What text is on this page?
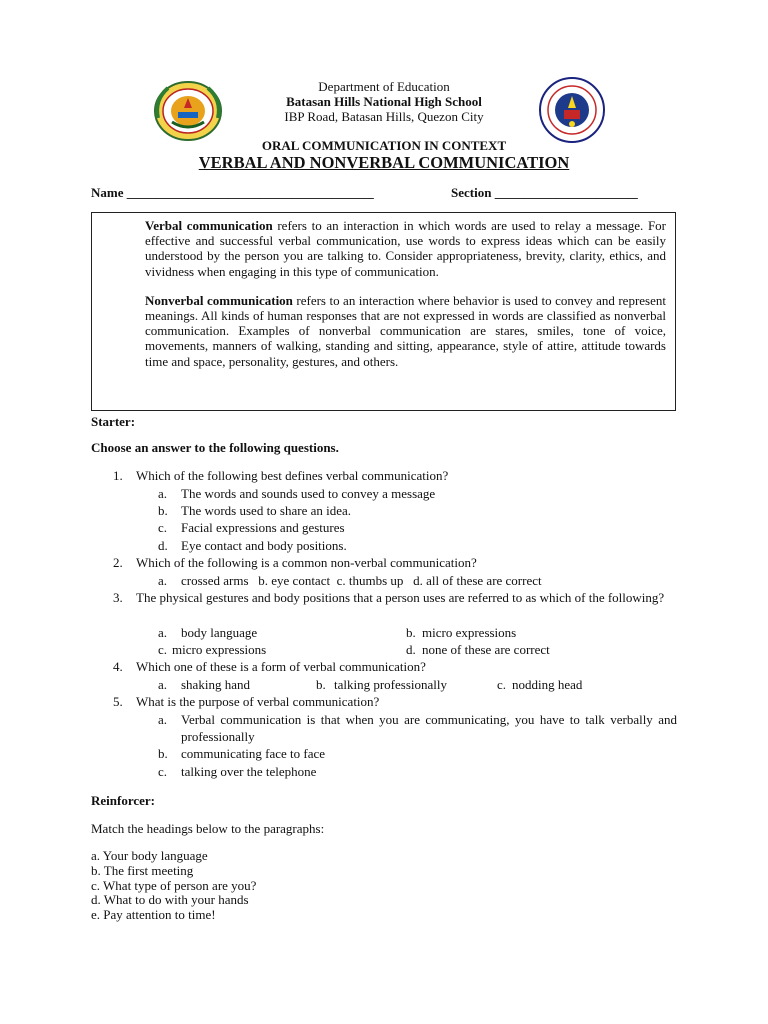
Department of Education
Batasan Hills National High School
IBP Road, Batasan Hills, Quezon City
ORAL COMMUNICATION IN CONTEXT
VERBAL AND NONVERBAL COMMUNICATION
Name ______________________________________	Section ______________________

Verbal communication refers to an interaction in which words are used to relay a message. For effective and successful verbal communication, use words to express ideas which can be easily understood by the person you are talking to. Consider appropriateness, brevity, clarity, ethics, and vividness when engaging in this type of communication.

Nonverbal communication refers to an interaction where behavior is used to convey and represent meanings. All kinds of human responses that are not expressed in words are classified as nonverbal communication. Examples of nonverbal communication are stares, smiles, tone of voice, movements, manners of walking, standing and sitting, appearance, style of attire, attitude towards time and space, personality, gestures, and others.

Starter:
Choose an answer to the following questions.
1. Which of the following best defines verbal communication?
a. The words and sounds used to convey a message
b. The words used to share an idea.
c. Facial expressions and gestures
d. Eye contact and body positions.
2. Which of the following is a common non-verbal communication?
a. crossed arms   b. eye contact  c. thumbs up   d. all of these are correct
3. The physical gestures and body positions that a person uses are referred to as which of the following?
a. body language	b. micro expressions
c. micro expressions	d. none of these are correct
4. Which one of these is a form of verbal communication?
a. shaking hand	b. talking professionally	c. nodding head
5. What is the purpose of verbal communication?
a. Verbal communication is that when you are communicating, you have to talk verbally and professionally
b. communicating face to face
c. talking over the telephone
Reinforcer:
Match the headings below to the paragraphs:
a. Your body language
b. The first meeting
c. What type of person are you?
d. What to do with your hands
e. Pay attention to time!
